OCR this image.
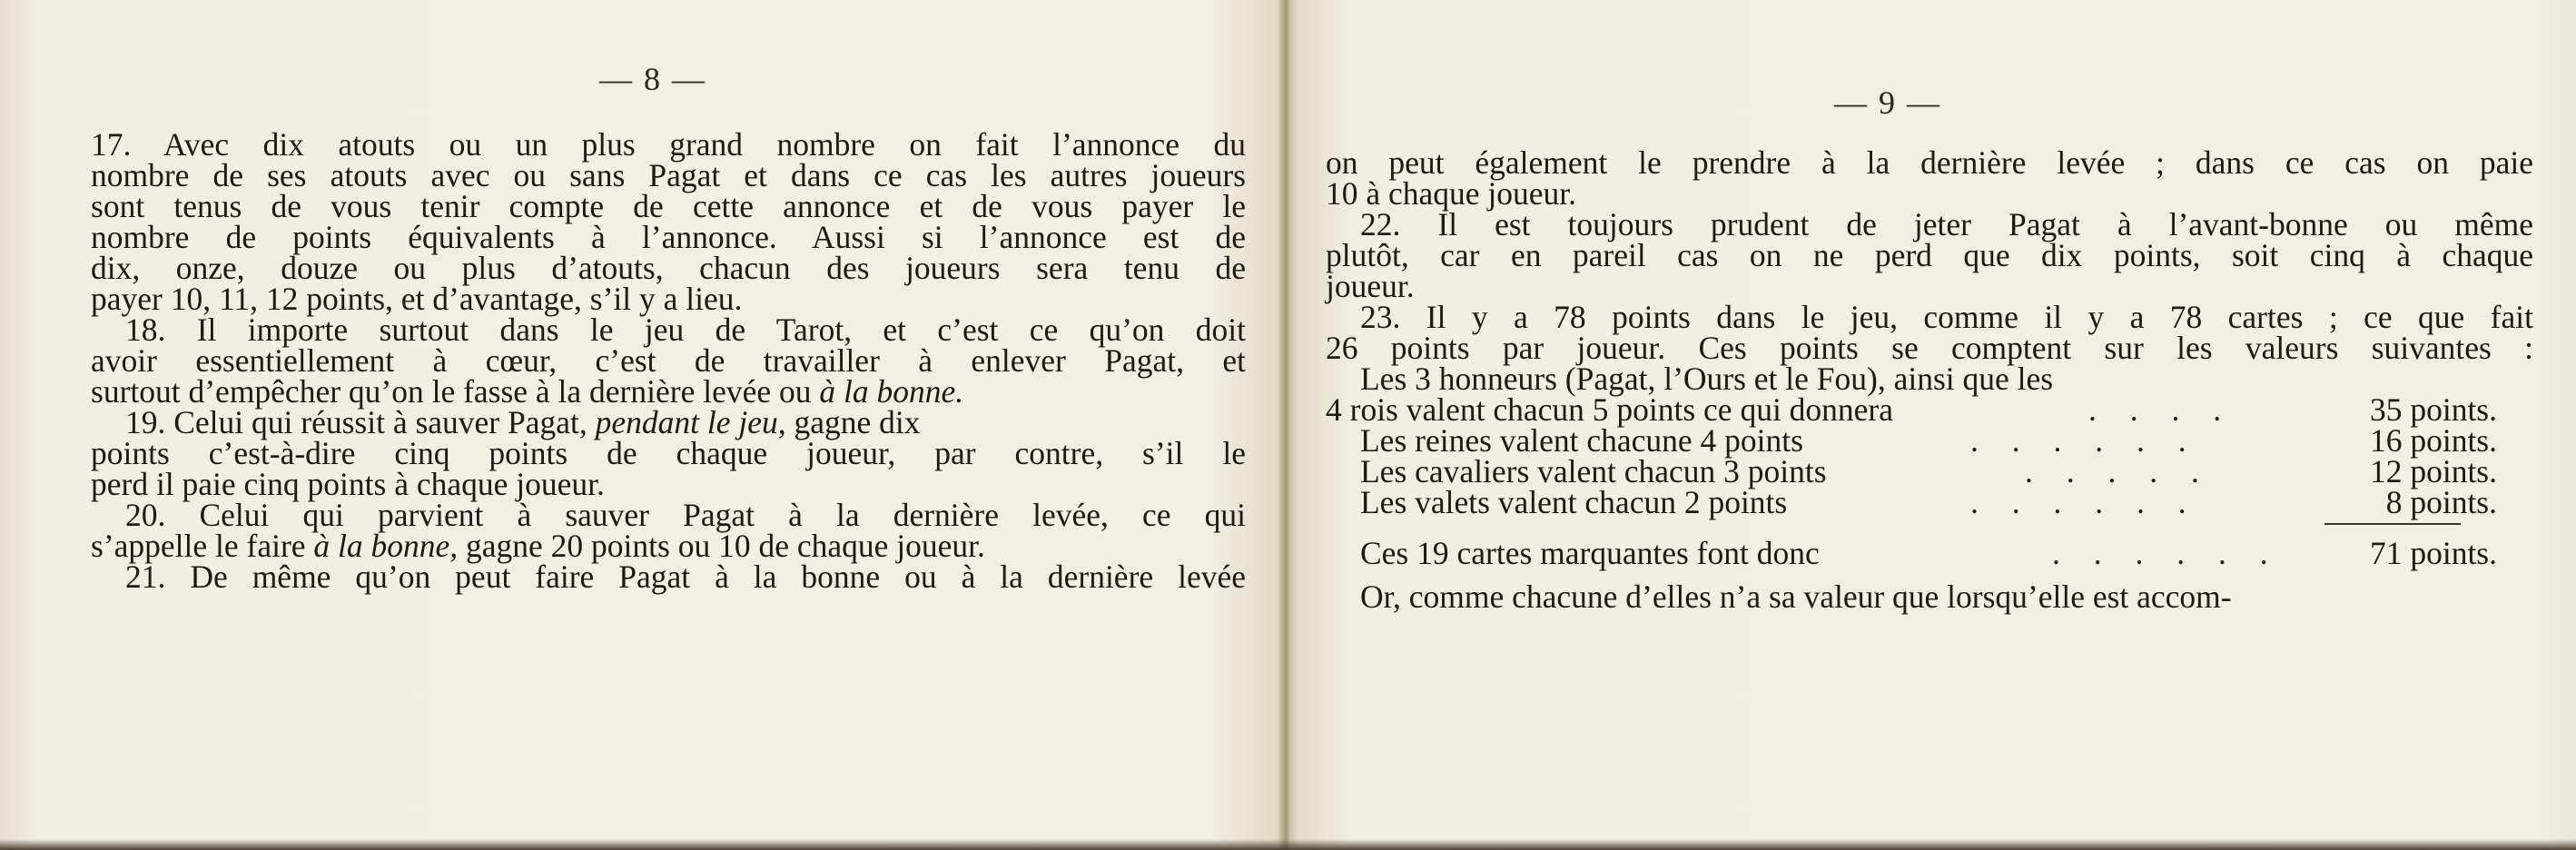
— 8 —
17. Avec dix atouts ou un plus grand nombre on fait l’annonce du
nombre de ses atouts avec ou sans Pagat et dans ce cas les autres joueurs
sont tenus de vous tenir compte de cette annonce et de vous payer le
nombre de points équivalents à l’annonce. Aussi si l’annonce est de
dix, onze, douze ou plus d’atouts, chacun des joueurs sera tenu de
payer 10, 11, 12 points, et d’avantage, s’il y a lieu.
18. Il importe surtout dans le jeu de Tarot, et c’est ce qu’on doit
avoir essentiellement à cœur, c’est de travailler à enlever Pagat, et
surtout d’empêcher qu’on le fasse à la dernière levée ou à la bonne.
19. Celui qui réussit à sauver Pagat, pendant le jeu, gagne dix
points c’est-à-dire cinq points de chaque joueur, par contre, s’il le
perd il paie cinq points à chaque joueur.
20. Celui qui parvient à sauver Pagat à la dernière levée, ce qui
s’appelle le faire à la bonne, gagne 20 points ou 10 de chaque joueur.
21. De même qu’on peut faire Pagat à la bonne ou à la dernière levée
— 9 —
on peut également le prendre à la dernière levée ; dans ce cas on paie
10 à chaque joueur.
22. Il est toujours prudent de jeter Pagat à l’avant-bonne ou même
plutôt, car en pareil cas on ne perd que dix points, soit cinq à chaque
joueur.
23. Il y a 78 points dans le jeu, comme il y a 78 cartes ; ce que fait
26 points par joueur. Ces points se comptent sur les valeurs suivantes :
Les 3 honneurs (Pagat, l’Ours et le Fou), ainsi que les
4 rois valent chacun 5 points ce qui donnera	. . . .	35 points.
Les reines valent chacune 4 points	. . . . . .	16 points.
Les cavaliers valent chacun 3 points	. . . . .	12 points.
Les valets valent chacun 2 points	. . . . . .	8 points.
Ces 19 cartes marquantes font donc	. . . . . .	71 points.
Or, comme chacune d’elles n’a sa valeur que lorsqu’elle est accom-
